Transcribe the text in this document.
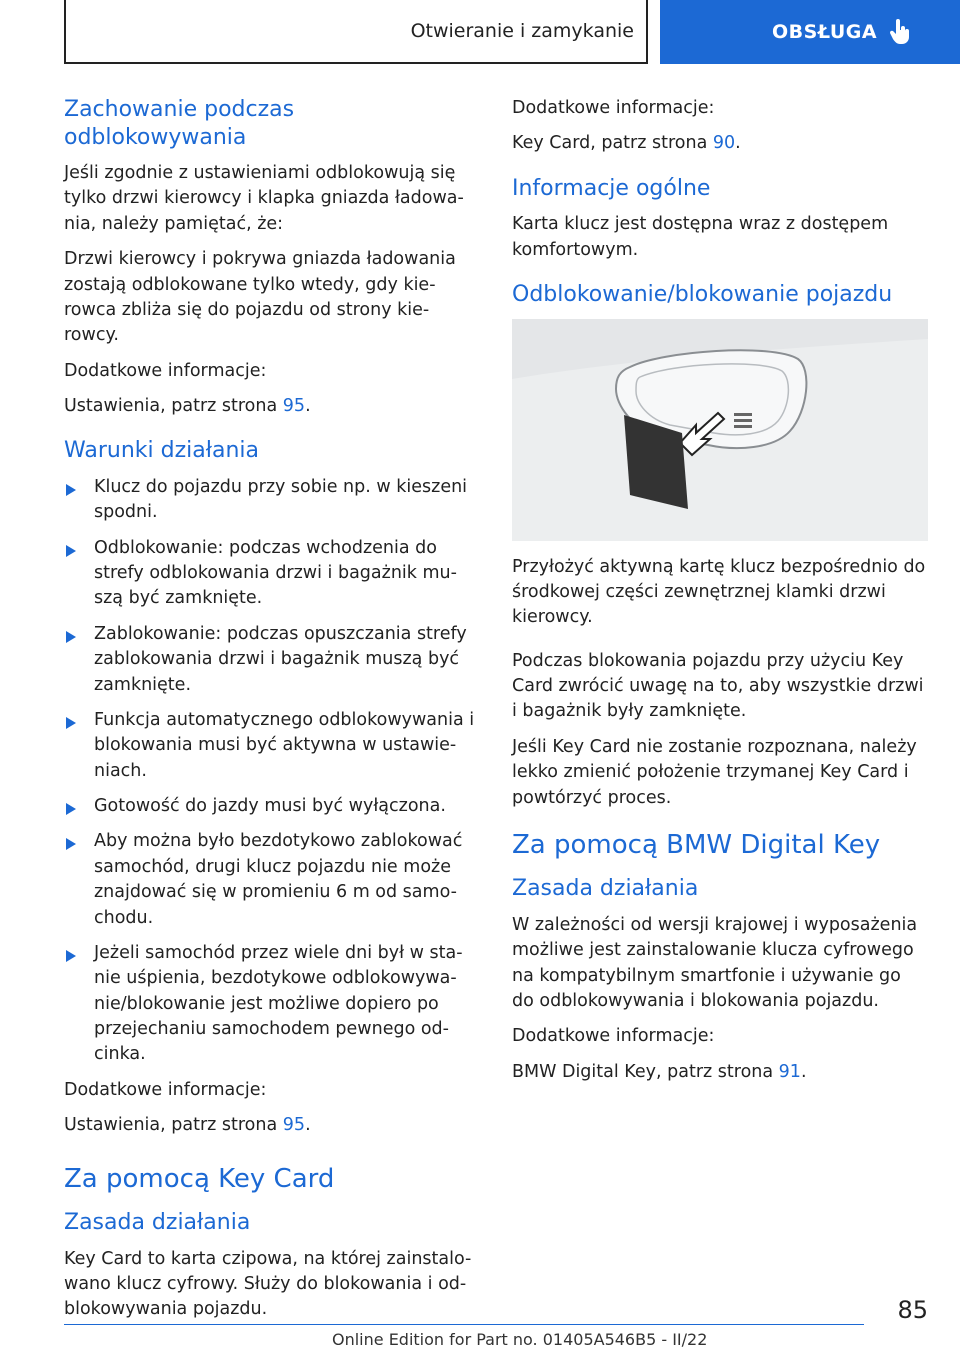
Otwieranie i zamykanie	OBSŁUGA
Zachowanie podczas odblokowywania

Jeśli zgodnie z ustawieniami odblokowują się tylko drzwi kierowcy i klapka gniazda ładowa-nia, należy pamiętać, że:

Drzwi kierowcy i pokrywa gniazda ładowania zostają odblokowane tylko wtedy, gdy kie-rowca zbliża się do pojazdu od strony kie-rowcy.

Dodatkowe informacje:

Ustawienia, patrz strona 95.

Warunki działania
Klucz do pojazdu przy sobie np. w kieszeni spodni.
Odblokowanie: podczas wchodzenia do strefy odblokowania drzwi i bagażnik mu-szą być zamknięte.
Zablokowanie: podczas opuszczania strefy zablokowania drzwi i bagażnik muszą być zamknięte.
Funkcja automatycznego odblokowywania i blokowania musi być aktywna w ustawie-niach.
Gotowość do jazdy musi być wyłączona.
Aby można było bezdotykowo zablokować samochód, drugi klucz pojazdu nie może znajdować się w promieniu 6 m od samo-chodu.
Jeżeli samochód przez wiele dni był w sta-nie uśpienia, bezdotykowe odblokowywa-nie/blokowanie jest możliwe dopiero po przejechaniu samochodem pewnego od-cinka.

Dodatkowe informacje:

Ustawienia, patrz strona 95.

Za pomocą Key Card
Zasada działania

Key Card to karta czipowa, na której zainstalo-wano klucz cyfrowy. Służy do blokowania i od-blokowywania pojazdu.

Dodatkowe informacje:

Key Card, patrz strona 90.

Informacje ogólne

Karta klucz jest dostępna wraz z dostępem komfortowym.

Odblokowanie/blokowanie pojazdu

Przyłożyć aktywną kartę klucz bezpośrednio do środkowej części zewnętrznej klamki drzwi kierowcy.

Podczas blokowania pojazdu przy użyciu Key Card zwrócić uwagę na to, aby wszystkie drzwi i bagażnik były zamknięte.

Jeśli Key Card nie zostanie rozpoznana, należy lekko zmienić położenie trzymanej Key Card i powtórzyć proces.

Za pomocą BMW Digital Key
Zasada działania

W zależności od wersji krajowej i wyposażenia możliwe jest zainstalowanie klucza cyfrowego na kompatybilnym smartfonie i używanie go do odblokowywania i blokowania pojazdu.

Dodatkowe informacje:

BMW Digital Key, patrz strona 91.

85
Online Edition for Part no. 01405A546B5 - II/22
